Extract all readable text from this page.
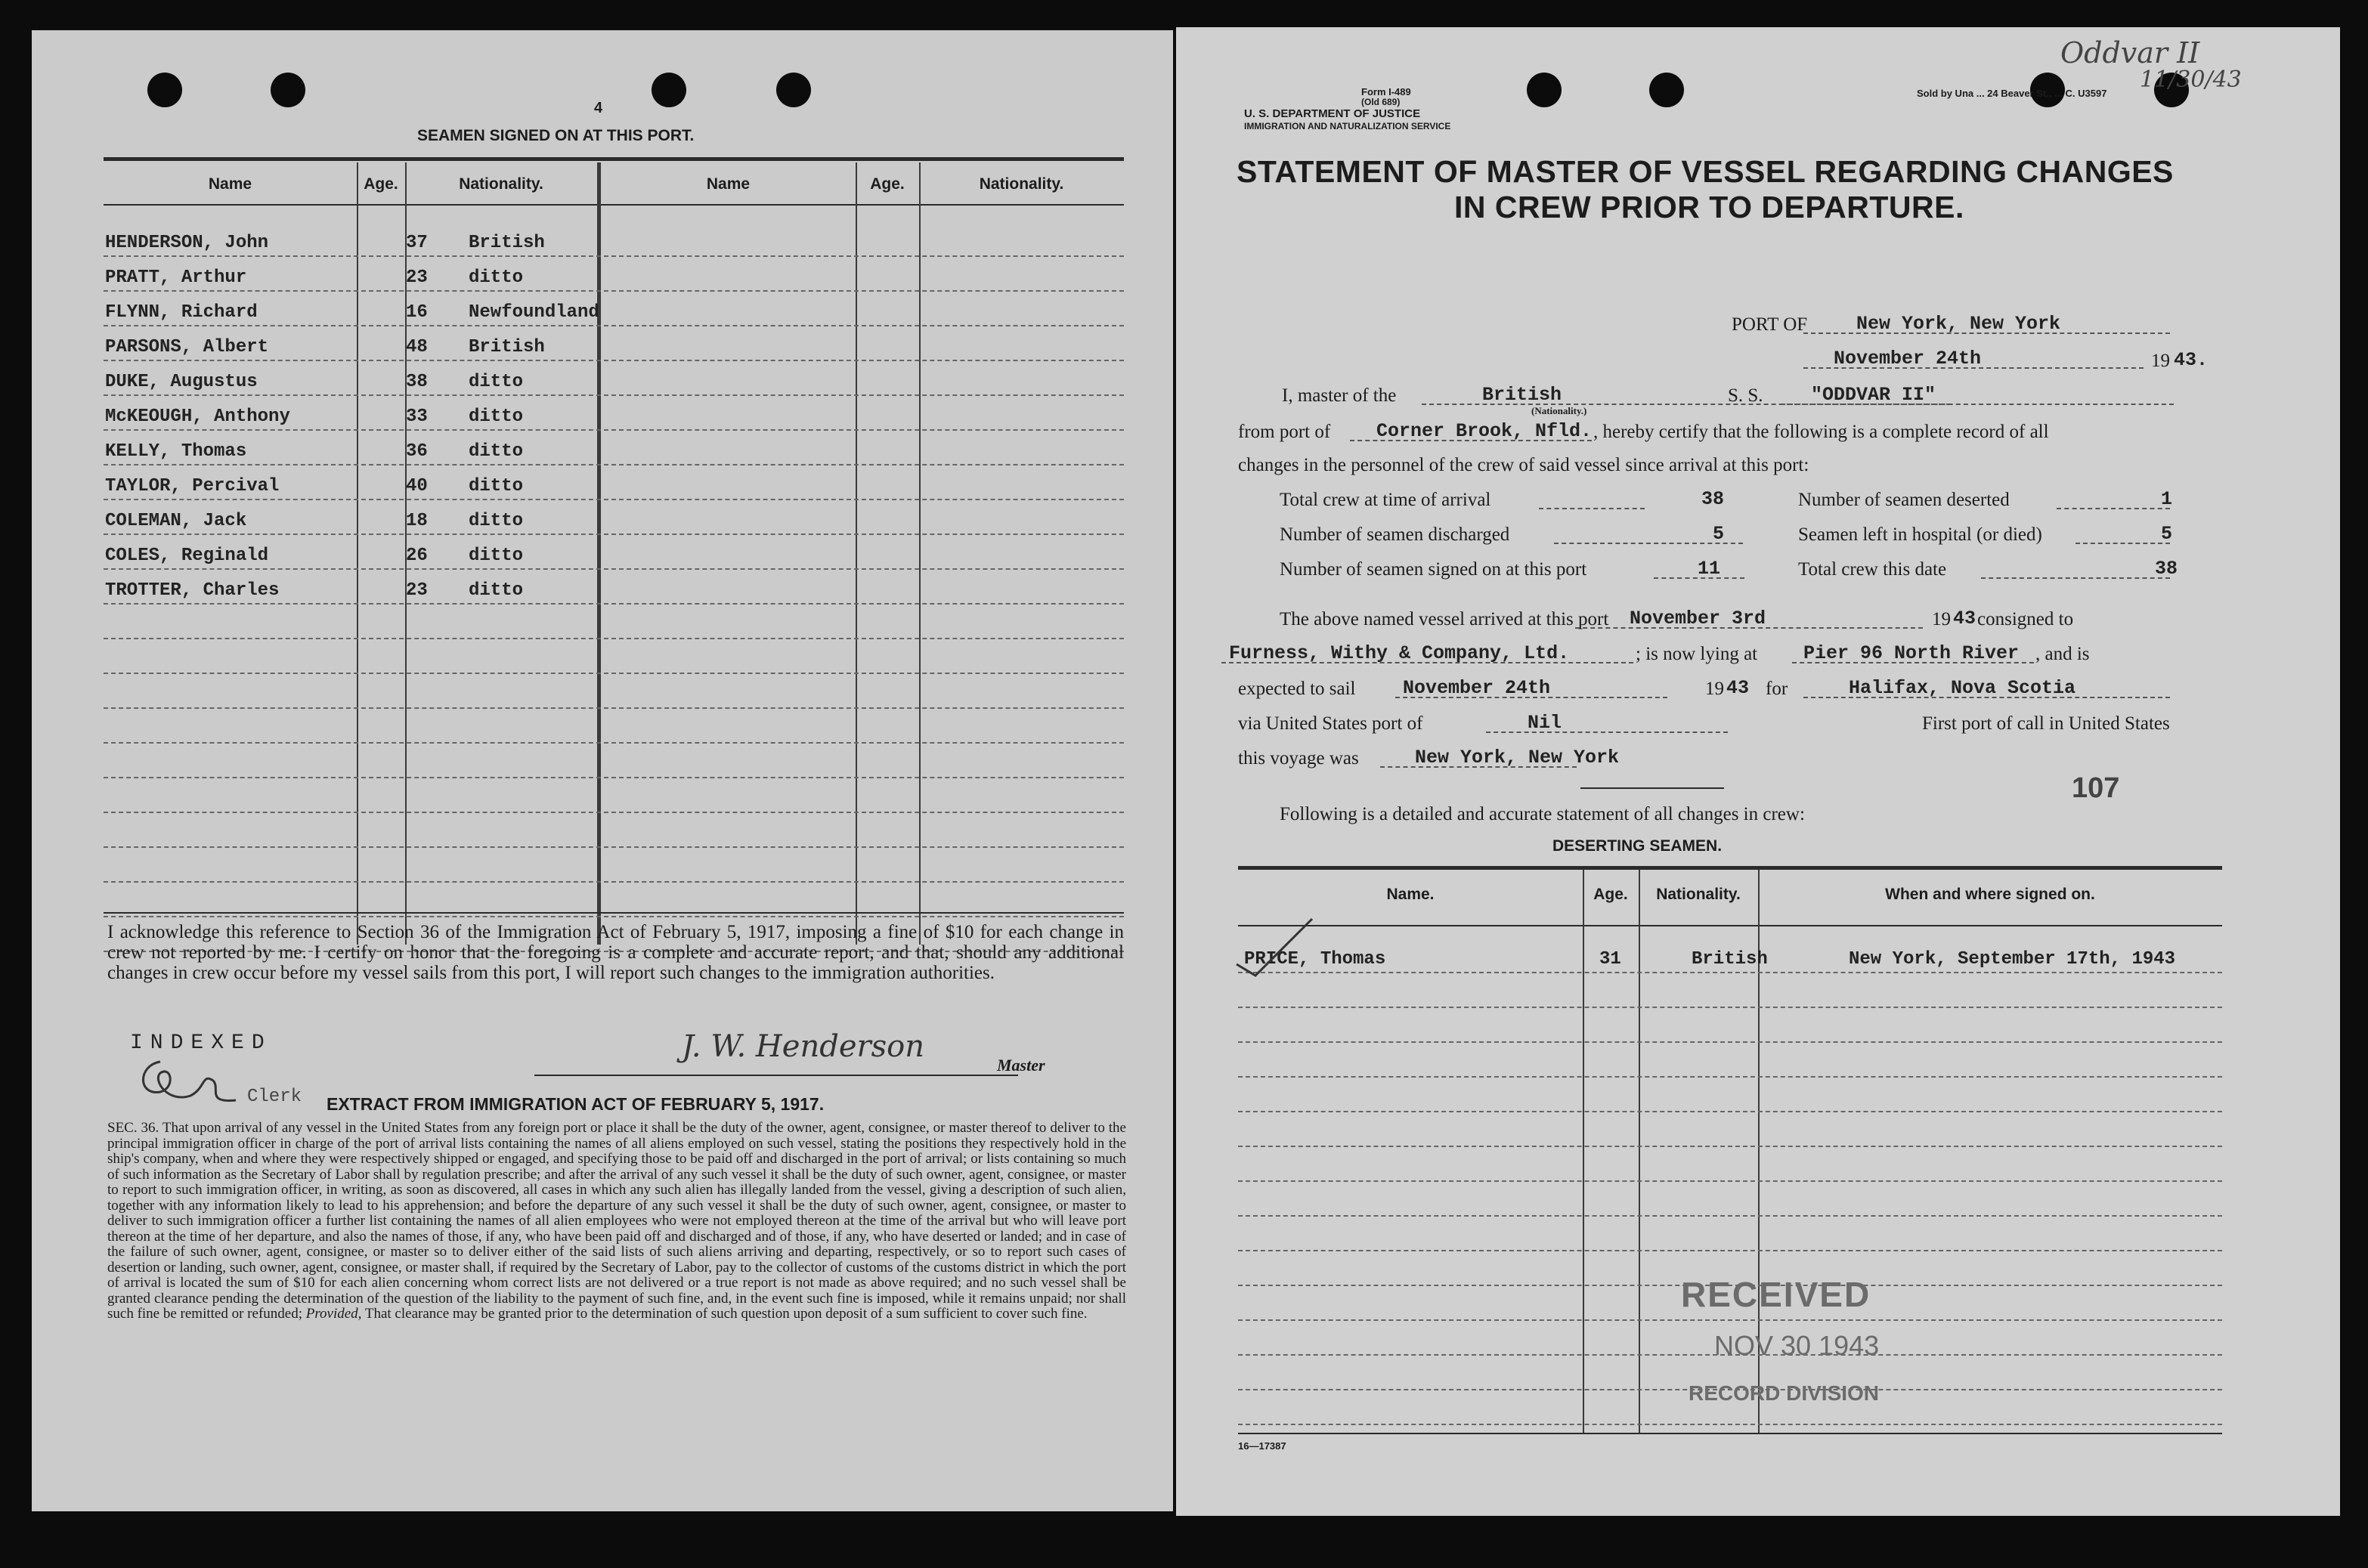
4
SEAMEN SIGNED ON AT THIS PORT.
Name	Age.	Nationality.	Name	Age.	Nationality.
HENDERSON, John	37 British
PRATT, Arthur	23 ditto
FLYNN, Richard	16 Newfoundland
PARSONS, Albert	48 British
DUKE, Augustus	38 ditto
McKEOUGH, Anthony	33 ditto
KELLY, Thomas	36 ditto
TAYLOR, Percival	40 ditto
COLEMAN, Jack	18 ditto
COLES, Reginald	26 ditto
TROTTER, Charles	23 ditto
I acknowledge this reference to Section 36 of the Immigration Act of February 5, 1917, imposing a fine of $10 for each change in crew not reported by me. I certify on honor that the foregoing is a complete and accurate report, and that, should any additional changes in crew occur before my vessel sails from this port, I will report such changes to the immigration authorities.
INDEXED
Clerk
J. W. Henderson
Master
EXTRACT FROM IMMIGRATION ACT OF FEBRUARY 5, 1917.
SEC. 36. That upon arrival of any vessel in the United States from any foreign port or place it shall be the duty of the owner, agent, consignee, or master thereof to deliver to the principal immigration officer in charge of the port of arrival lists containing the names of all aliens employed on such vessel, stating the positions they respectively hold in the ship's company, when and where they were respectively shipped or engaged, and specifying those to be paid off and discharged in the port of arrival; or lists containing so much of such information as the Secretary of Labor shall by regulation prescribe; and after the arrival of any such vessel it shall be the duty of such owner, agent, consignee, or master to report to such immigration officer, in writing, as soon as discovered, all cases in which any such alien has illegally landed from the vessel, giving a description of such alien, together with any information likely to lead to his apprehension; and before the departure of any such vessel it shall be the duty of such owner, agent, consignee, or master to deliver to such immigration officer a further list containing the names of all alien employees who were not employed thereon at the time of the arrival but who will leave port thereon at the time of her departure, and also the names of those, if any, who have been paid off and discharged and of those, if any, who have deserted or landed; and in case of the failure of such owner, agent, consignee, or master so to deliver either of the said lists of such aliens arriving and departing, respectively, or so to report such cases of desertion or landing, such owner, agent, consignee, or master shall, if required by the Secretary of Labor, pay to the collector of customs of the customs district in which the port of arrival is located the sum of $10 for each alien concerning whom correct lists are not delivered or a true report is not made as above required; and no such vessel shall be granted clearance pending the determination of the question of the liability to the payment of such fine, and, in the event such fine is imposed, while it remains unpaid; nor shall such fine be remitted or refunded; Provided, That clearance may be granted prior to the determination of such question upon deposit of a sum sufficient to cover such fine.
Oddvar II
11/30/43
Form I-489
(Old 689)
U. S. DEPARTMENT OF JUSTICE
IMMIGRATION AND NATURALIZATION SERVICE
Sold by Una ... 24 Beaver St., ... C. U3597
STATEMENT OF MASTER OF VESSEL REGARDING CHANGES
IN CREW PRIOR TO DEPARTURE.
PORT OF	New York, New York
November 24th	19 43.
I, master of the	British
(Nationality.)
S. S.	"ODDVAR II"
from port of Corner Brook, Nfld. , hereby certify that the following is a complete record of all
changes in the personnel of the crew of said vessel since arrival at this port:
Total crew at time of arrival	38
Number of seamen discharged	5
Number of seamen signed on at this port	11
Number of seamen deserted	1
Seamen left in hospital (or died)	5
Total crew this date	38
The above named vessel arrived at this port November 3rd	19 43 consigned to
Furness, Withy & Company, Ltd.	; is now lying at Pier 96 North River , and is
expected to sail	November 24th	19 43 for	Halifax, Nova Scotia
via United States port of	Nil	First port of call in United States
this voyage was	New York, New York
107
Following is a detailed and accurate statement of all changes in crew:
DESERTING SEAMEN.
Name.	Age.	Nationality.	When and where signed on.
PRICE, Thomas	31	British	New York, September 17th, 1943
RECEIVED
NOV 30 1943
RECORD DIVISION
16—17387
